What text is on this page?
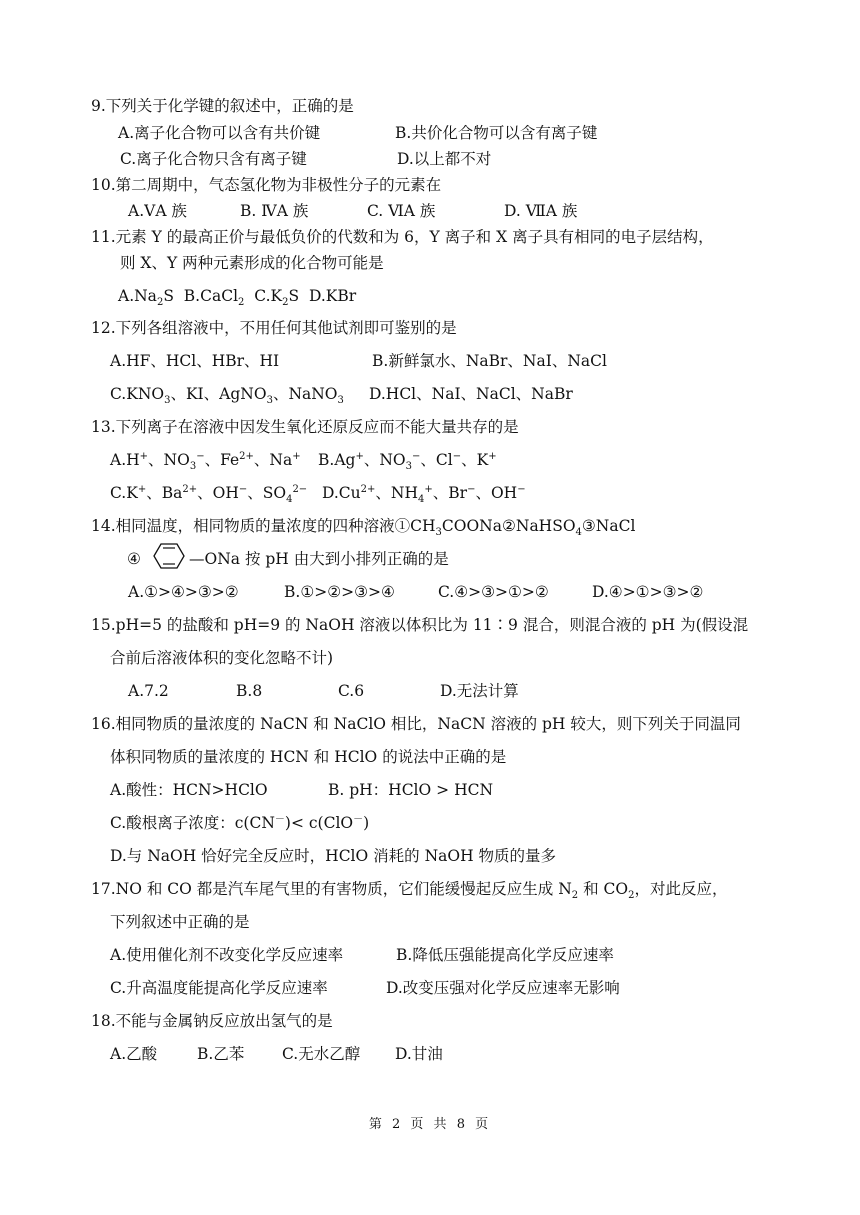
9.下列关于化学键的叙述中，正确的是
A.离子化合物可以含有共价键	B.共价化合物可以含有离子键
C.离子化合物只含有离子键	D.以上都不对
10.第二周期中，气态氢化物为非极性分子的元素在
A.ⅤA 族	B. ⅣA 族	C. ⅥA 族	D. ⅦA 族
11.元素 Y 的最高正价与最低负价的代数和为 6，Y 离子和 X 离子具有相同的电子层结构，
则 X、Y 两种元素形成的化合物可能是
$A.Na_2S$ B.CaCl$_2$ $C.K_2S$ D.KBr
12.下列各组溶液中，不用任何其他试剂即可鉴别的是
A.HF、HCl、HBr、HI	B.新鲜氯水、NaBr、NaI、NaCl
$C.KNO_3$、KI、AgNO$_3$、NaNO$_3$ D.HCl、NaI、NaCl、NaBr
13.下列离子在溶液中因发生氧化还原反应而不能大量共存的是
A.H+、$NO_3^-$、$Fe^{2+}$、Na+ B.Ag+、$NO_3^-$、Cl−、K+
C.K+、$Ba^{2+}$、OH−、$SO_4^{2-}$ $D.Cu^{2+}$、$NH_4^+$、Br−、OH−
14.相同温度，相同物质的量浓度的四种溶液$①CH_3COONa②NaHSO_4③NaCl$
④	—ONa 按 pH 由大到小排列正确的是
A.①>④>③>②	B.①>②>③>④	C.④>③>①>②	D.④>①>③>②
15.pH=5 的盐酸和 pH=9 的 NaOH 溶液以体积比为 11∶9 混合，则混合液的 pH 为(假设混
合前后溶液体积的变化忽略不计)
A.7.2	B.8	C.6	D.无法计算
16.相同物质的量浓度的 NaCN 和 NaClO 相比，NaCN 溶液的 pH 较大，则下列关于同温同
体积同物质的量浓度的 HCN 和 HClO 的说法中正确的是
A.酸性：HCN>HClO	B. pH：HClO > HCN
C.酸根离子浓度：c(CN－)< c(ClO－)
D.与 NaOH 恰好完全反应时，HClO 消耗的 NaOH 物质的量多
17.NO 和 CO 都是汽车尾气里的有害物质，它们能缓慢起反应生成 $N_2$ 和 $CO_2$，对此反应，
下列叙述中正确的是
A.使用催化剂不改变化学反应速率	B.降低压强能提高化学反应速率
C.升高温度能提高化学反应速率	D.改变压强对化学反应速率无影响
18.不能与金属钠反应放出氢气的是
A.乙酸	B.乙苯 C.无水乙醇 D.甘油
第 2 页 共 8 页
